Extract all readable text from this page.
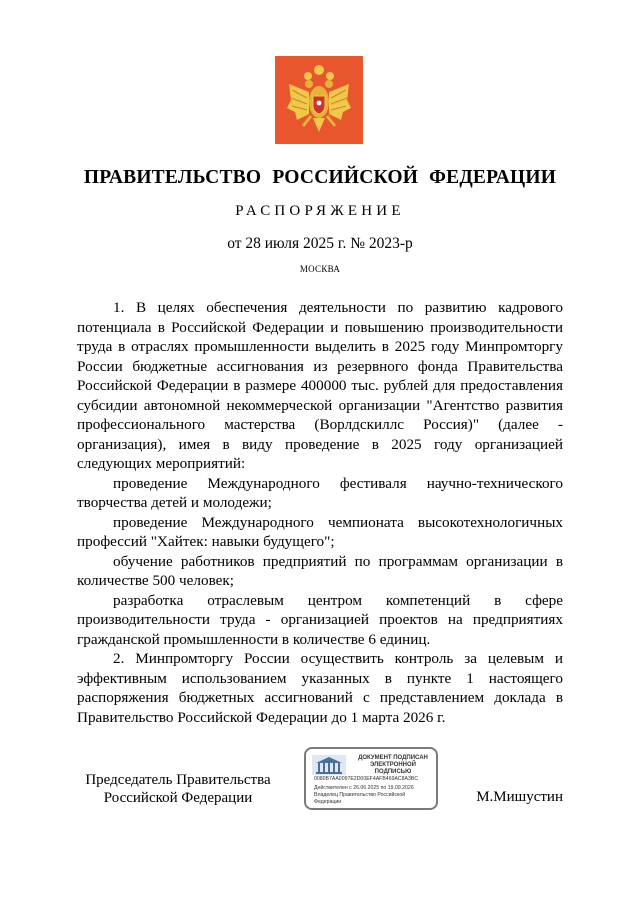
ПРАВИТЕЛЬСТВО РОССИЙСКОЙ ФЕДЕРАЦИИ
РАСПОРЯЖЕНИЕ
от 28 июля 2025 г. № 2023-р
МОСКВА

1. В целях обеспечения деятельности по развитию кадрового потенциала в Российской Федерации и повышению производительности труда в отраслях промышленности выделить в 2025 году Минпромторгу России бюджетные ассигнования из резервного фонда Правительства Российской Федерации в размере 400000 тыс. рублей для предоставления субсидии автономной некоммерческой организации "Агентство развития профессионального мастерства (Ворлдскиллс Россия)" (далее - организация), имея в виду проведение в 2025 году организацией следующих мероприятий:

проведение Международного фестиваля научно-технического творчества детей и молодежи;

проведение Международного чемпионата высокотехнологичных профессий "Хайтек: навыки будущего";

обучение работников предприятий по программам организации в количестве 500 человек;

разработка отраслевым центром компетенций в сфере производительности труда - организацией проектов на предприятиях гражданской промышленности в количестве 6 единиц.

2. Минпромторгу России осуществить контроль за целевым и эффективным использованием указанных в пункте 1 настоящего распоряжения бюджетных ассигнований с представлением доклада в Правительство Российской Федерации до 1 марта 2026 г.

Председатель Правительства
Российской Федерации
ДОКУМЕНТ ПОДПИСАН
ЭЛЕКТРОННОЙ ПОДПИСЬЮ
0080B7AA0097E2D00EF4AFB469AC8A3BC
Действителен с 26.06.2025 по 19.09.2026
Владелец Правительство Российской
Федерации	М.Мишустин
